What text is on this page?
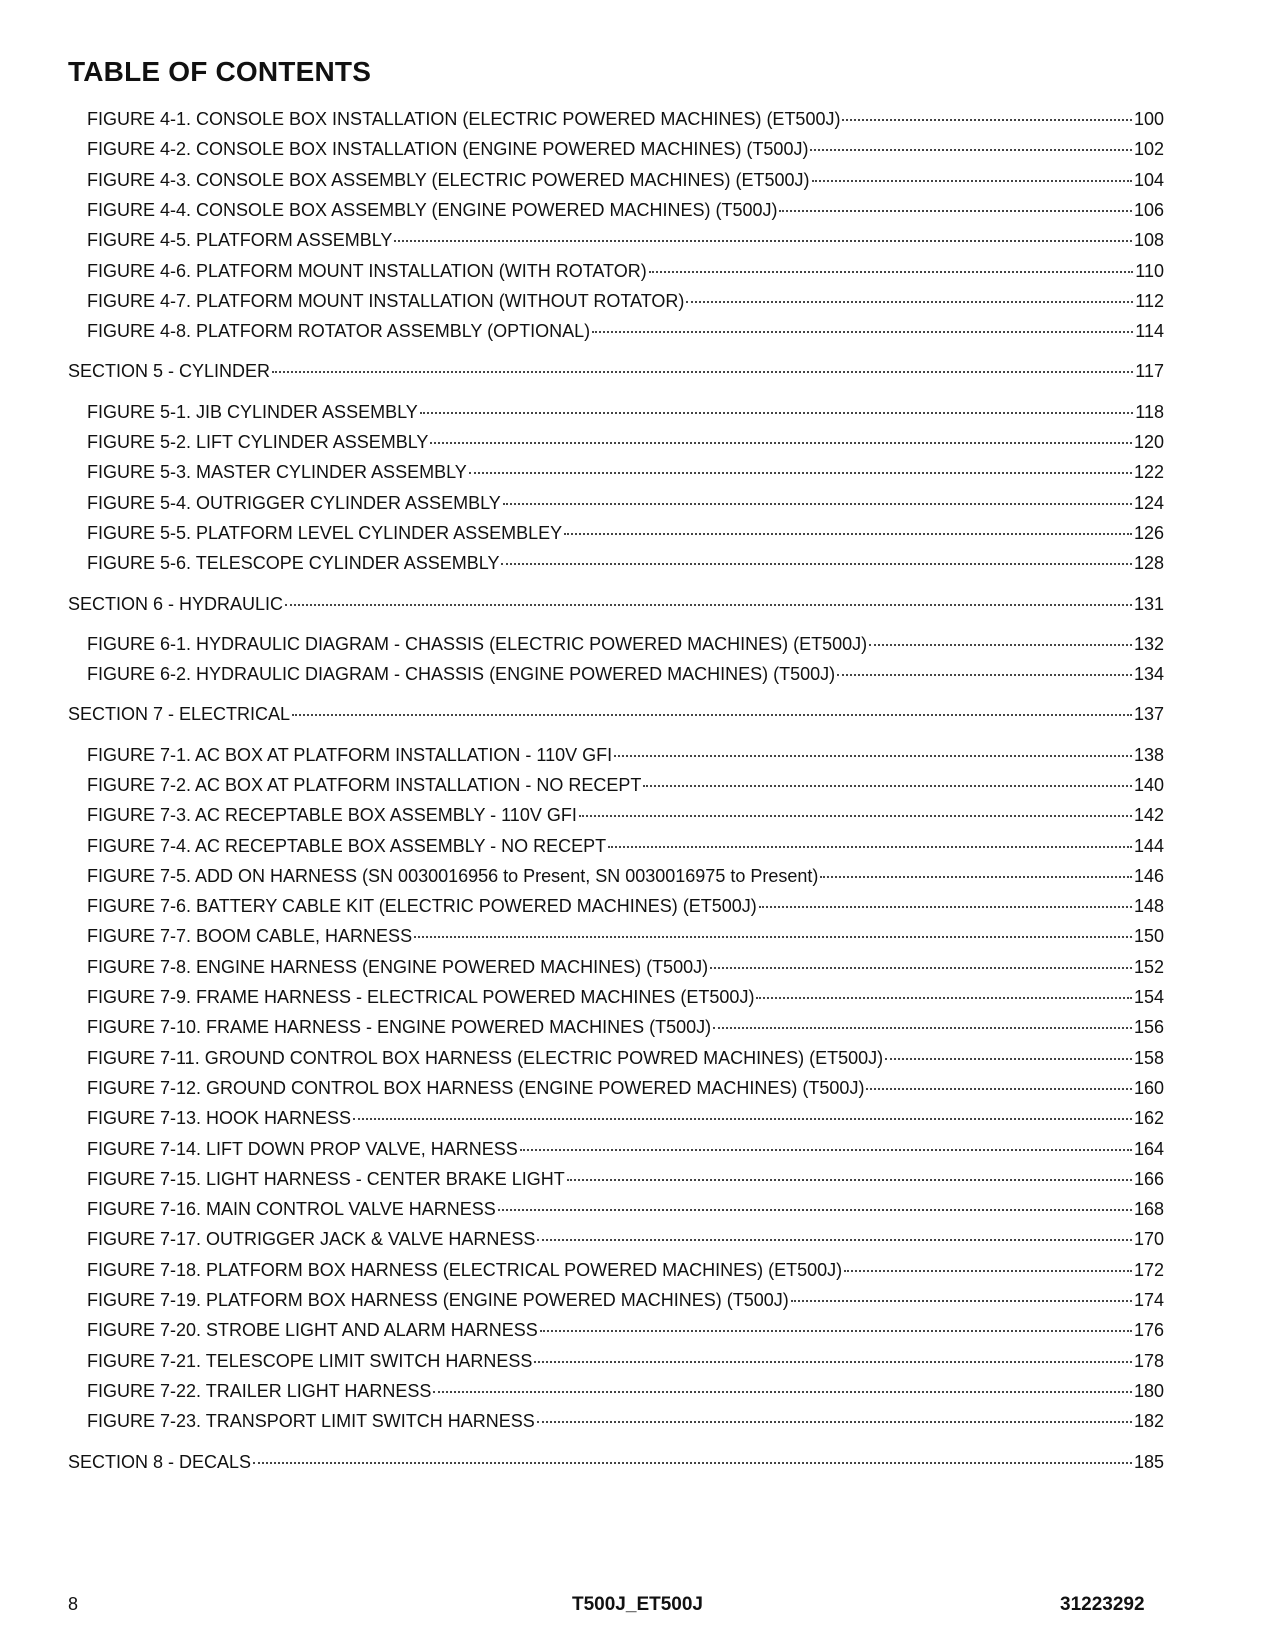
TABLE OF CONTENTS
FIGURE 4-1. CONSOLE BOX INSTALLATION (ELECTRIC POWERED MACHINES) (ET500J)	100
FIGURE 4-2. CONSOLE BOX INSTALLATION (ENGINE POWERED MACHINES) (T500J)	102
FIGURE 4-3. CONSOLE BOX ASSEMBLY (ELECTRIC POWERED MACHINES) (ET500J)	104
FIGURE 4-4. CONSOLE BOX ASSEMBLY (ENGINE POWERED MACHINES) (T500J)	106
FIGURE 4-5. PLATFORM ASSEMBLY	108
FIGURE 4-6. PLATFORM MOUNT INSTALLATION (WITH ROTATOR)	110
FIGURE 4-7. PLATFORM MOUNT INSTALLATION (WITHOUT ROTATOR)	112
FIGURE 4-8. PLATFORM ROTATOR ASSEMBLY (OPTIONAL)	114
SECTION 5 - CYLINDER	117
FIGURE 5-1. JIB CYLINDER ASSEMBLY	118
FIGURE 5-2. LIFT CYLINDER ASSEMBLY	120
FIGURE 5-3. MASTER CYLINDER ASSEMBLY	122
FIGURE 5-4. OUTRIGGER CYLINDER ASSEMBLY	124
FIGURE 5-5. PLATFORM LEVEL CYLINDER ASSEMBLEY	126
FIGURE 5-6. TELESCOPE CYLINDER ASSEMBLY	128
SECTION 6 - HYDRAULIC	131
FIGURE 6-1. HYDRAULIC DIAGRAM - CHASSIS (ELECTRIC POWERED MACHINES) (ET500J)	132
FIGURE 6-2. HYDRAULIC DIAGRAM - CHASSIS (ENGINE POWERED MACHINES) (T500J)	134
SECTION 7 - ELECTRICAL	137
FIGURE 7-1. AC BOX AT PLATFORM INSTALLATION - 110V GFI	138
FIGURE 7-2. AC BOX AT PLATFORM INSTALLATION - NO RECEPT	140
FIGURE 7-3. AC RECEPTABLE BOX ASSEMBLY - 110V GFI	142
FIGURE 7-4. AC RECEPTABLE BOX ASSEMBLY - NO RECEPT	144
FIGURE 7-5. ADD ON HARNESS (SN 0030016956 to Present, SN 0030016975 to Present)	146
FIGURE 7-6. BATTERY CABLE KIT (ELECTRIC POWERED MACHINES) (ET500J)	148
FIGURE 7-7. BOOM CABLE, HARNESS	150
FIGURE 7-8. ENGINE HARNESS (ENGINE POWERED MACHINES) (T500J)	152
FIGURE 7-9. FRAME HARNESS - ELECTRICAL POWERED MACHINES (ET500J)	154
FIGURE 7-10. FRAME HARNESS - ENGINE POWERED MACHINES (T500J)	156
FIGURE 7-11. GROUND CONTROL BOX HARNESS (ELECTRIC POWRED MACHINES) (ET500J)	158
FIGURE 7-12. GROUND CONTROL BOX HARNESS (ENGINE POWERED MACHINES) (T500J)	160
FIGURE 7-13. HOOK HARNESS	162
FIGURE 7-14. LIFT DOWN PROP VALVE, HARNESS	164
FIGURE 7-15. LIGHT HARNESS - CENTER BRAKE LIGHT	166
FIGURE 7-16. MAIN CONTROL VALVE HARNESS	168
FIGURE 7-17. OUTRIGGER JACK & VALVE HARNESS	170
FIGURE 7-18. PLATFORM BOX HARNESS (ELECTRICAL POWERED MACHINES) (ET500J)	172
FIGURE 7-19. PLATFORM BOX HARNESS (ENGINE POWERED MACHINES) (T500J)	174
FIGURE 7-20. STROBE LIGHT AND ALARM HARNESS	176
FIGURE 7-21. TELESCOPE LIMIT SWITCH HARNESS	178
FIGURE 7-22. TRAILER LIGHT HARNESS	180
FIGURE 7-23. TRANSPORT LIMIT SWITCH HARNESS	182
SECTION 8 - DECALS	185
8	T500J_ET500J	31223292
